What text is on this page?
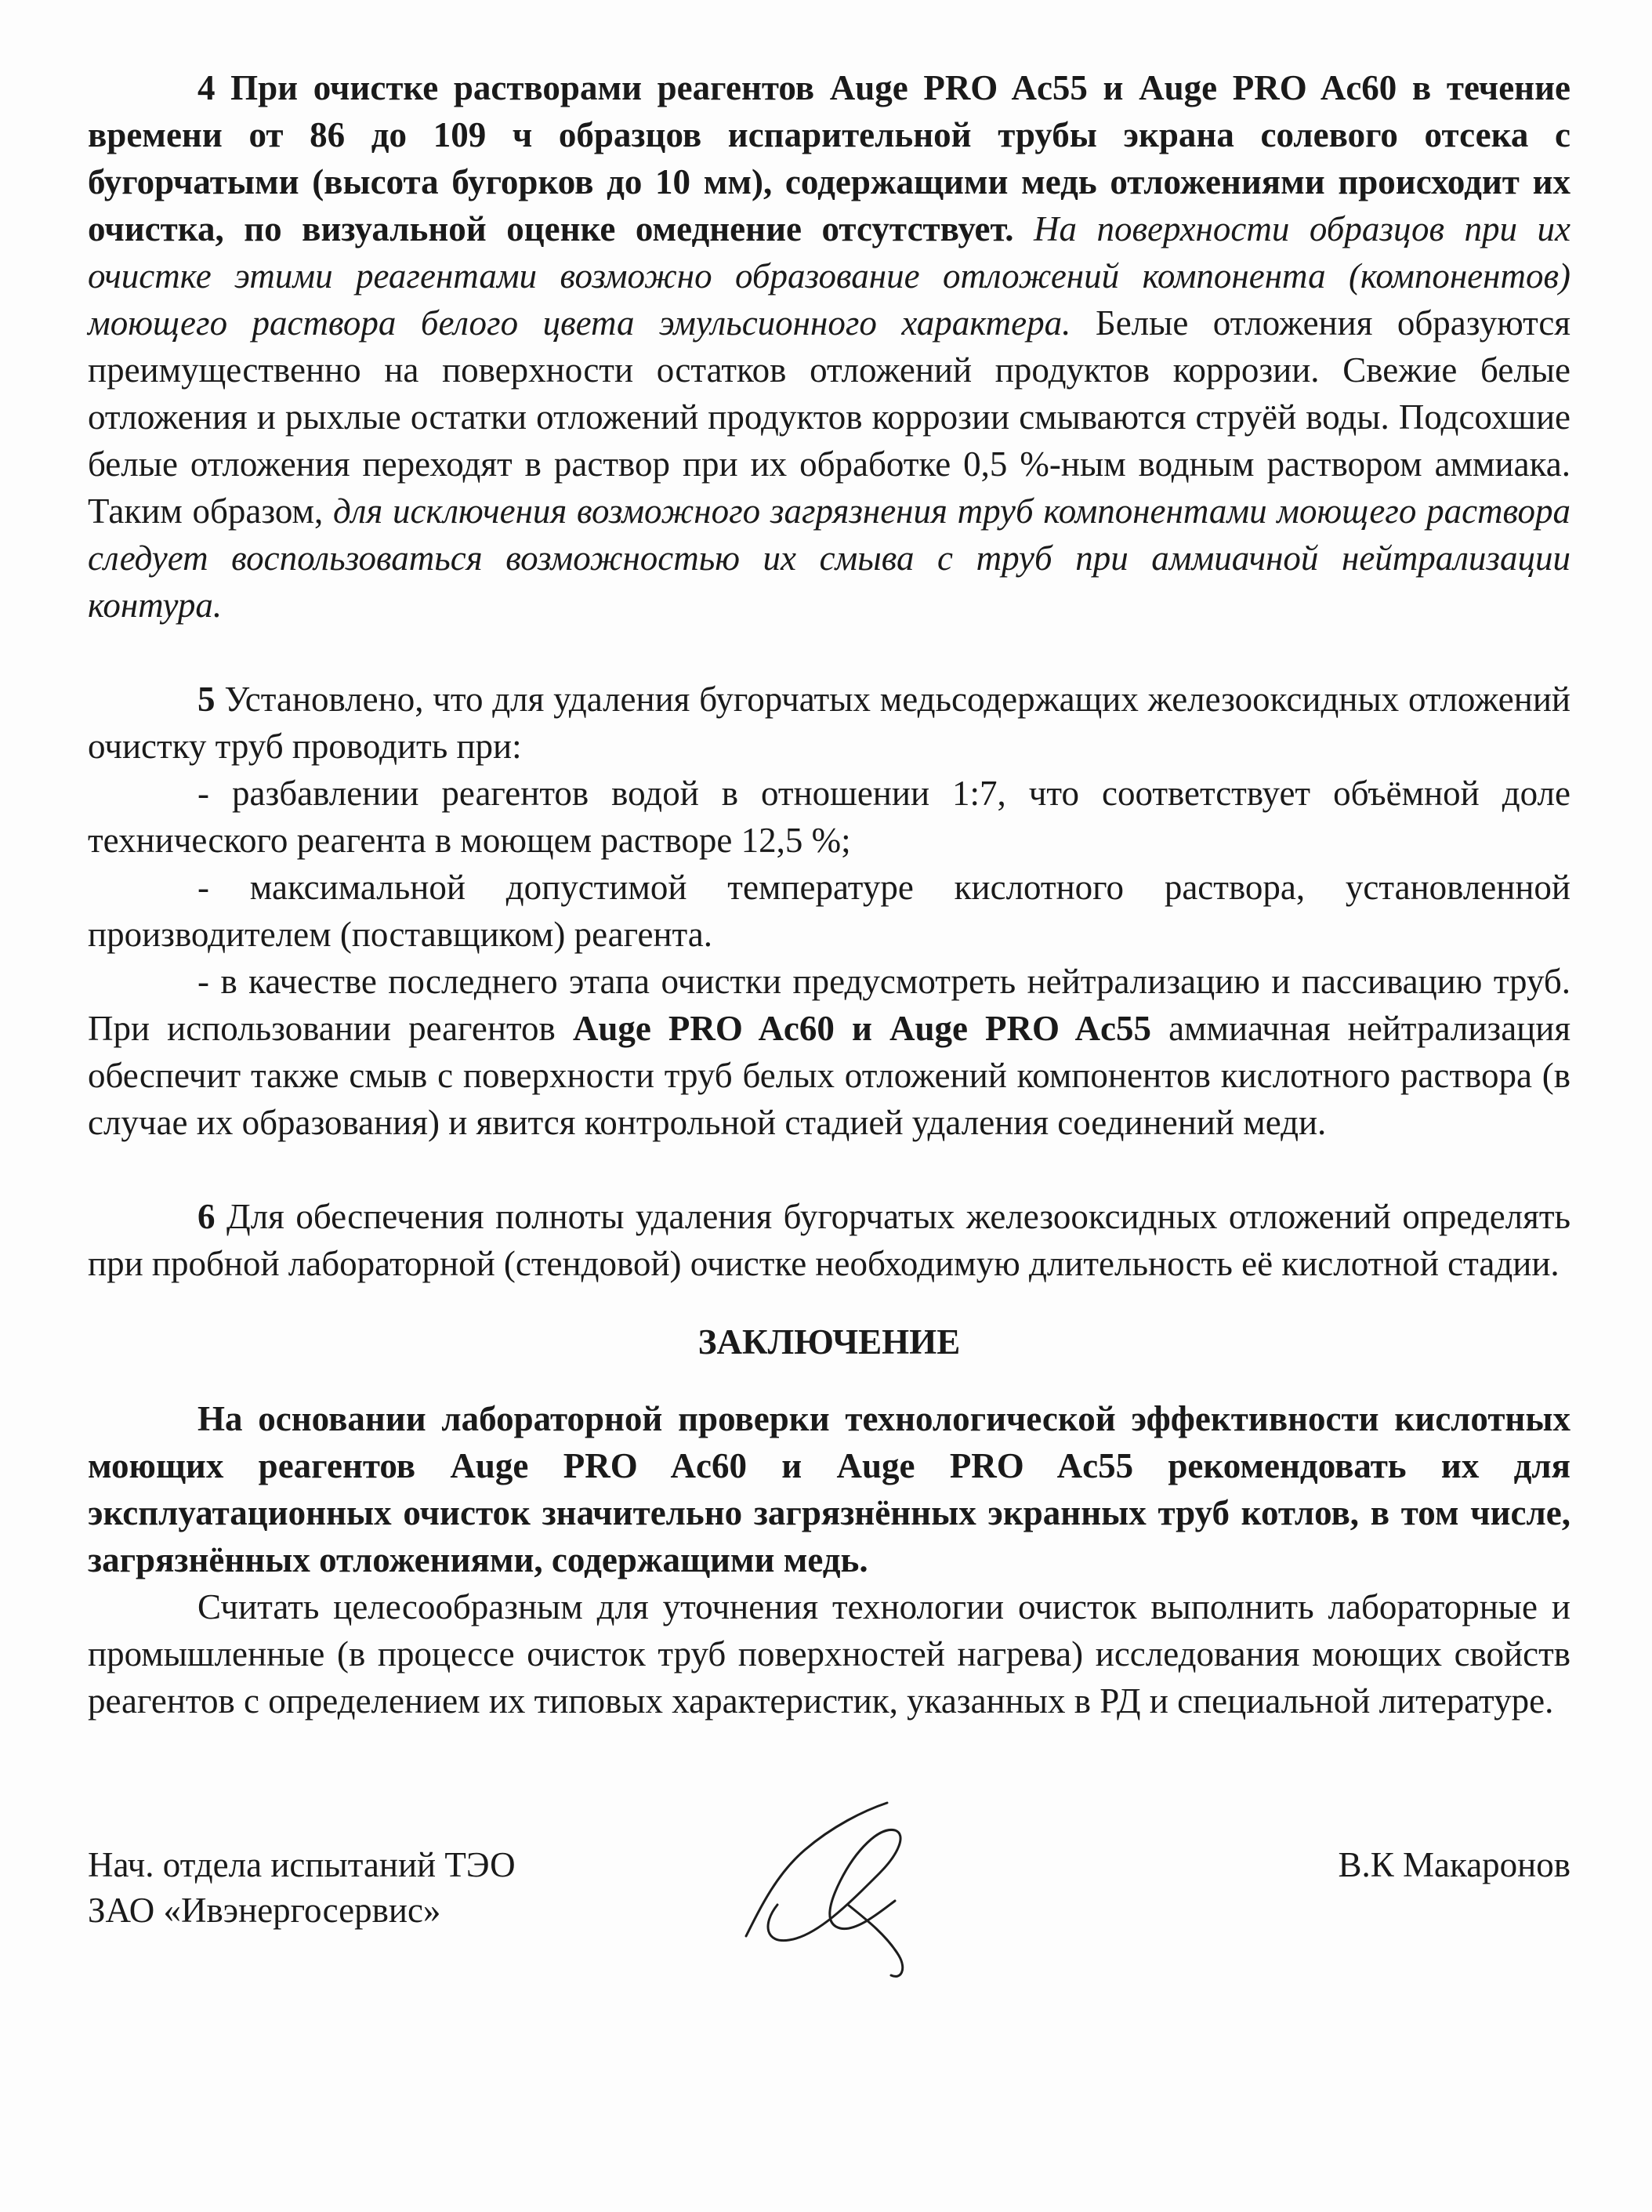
4 При очистке растворами реагентов Auge PRO Ac55 и Auge PRO Ac60 в течение времени от 86 до 109 ч образцов испарительной трубы экрана солевого отсека с бугорчатыми (высота бугорков до 10 мм), содержащими медь отложениями происходит их очистка, по визуальной оценке омеднение отсутствует. На поверхности образцов при их очистке этими реагентами возможно образование отложений компонента (компонентов) моющего раствора белого цвета эмульсионного характера. Белые отложения образуются преимущественно на поверхности остатков отложений продуктов коррозии. Свежие белые отложения и рыхлые остатки отложений продуктов коррозии смываются струёй воды. Подсохшие белые отложения переходят в раствор при их обработке 0,5 %-ным водным раствором аммиака. Таким образом, для исключения возможного загрязнения труб компонентами моющего раствора следует воспользоваться возможностью их смыва с труб при аммиачной нейтрализации контура.

5 Установлено, что для удаления бугорчатых медьсодержащих железооксидных отложений очистку труб проводить при:

- разбавлении реагентов водой в отношении 1:7, что соответствует объёмной доле технического реагента в моющем растворе 12,5 %;

- максимальной допустимой температуре кислотного раствора, установленной производителем (поставщиком) реагента.

- в качестве последнего этапа очистки предусмотреть нейтрализацию и пассивацию труб. При использовании реагентов Auge PRO Ac60 и Auge PRO Ac55 аммиачная нейтрализация обеспечит также смыв с поверхности труб белых отложений компонентов кислотного раствора (в случае их образования) и явится контрольной стадией удаления соединений меди.

6 Для обеспечения полноты удаления бугорчатых железооксидных отложений определять при пробной лабораторной (стендовой) очистке необходимую длительность её кислотной стадии.

ЗАКЛЮЧЕНИЕ

На основании лабораторной проверки технологической эффективности кислотных моющих реагентов Auge PRO Ac60 и Auge PRO Ac55 рекомендовать их для эксплуатационных очисток значительно загрязнённых экранных труб котлов, в том числе, загрязнённых отложениями, содержащими медь.

Считать целесообразным для уточнения технологии очисток выполнить лабораторные и промышленные (в процессе очисток труб поверхностей нагрева) исследования моющих свойств реагентов с определением их типовых характеристик, указанных в РД и специальной литературе.

Нач. отдела испытаний ТЭО
ЗАО «Ивэнергосервис»
В.К Макаронов
